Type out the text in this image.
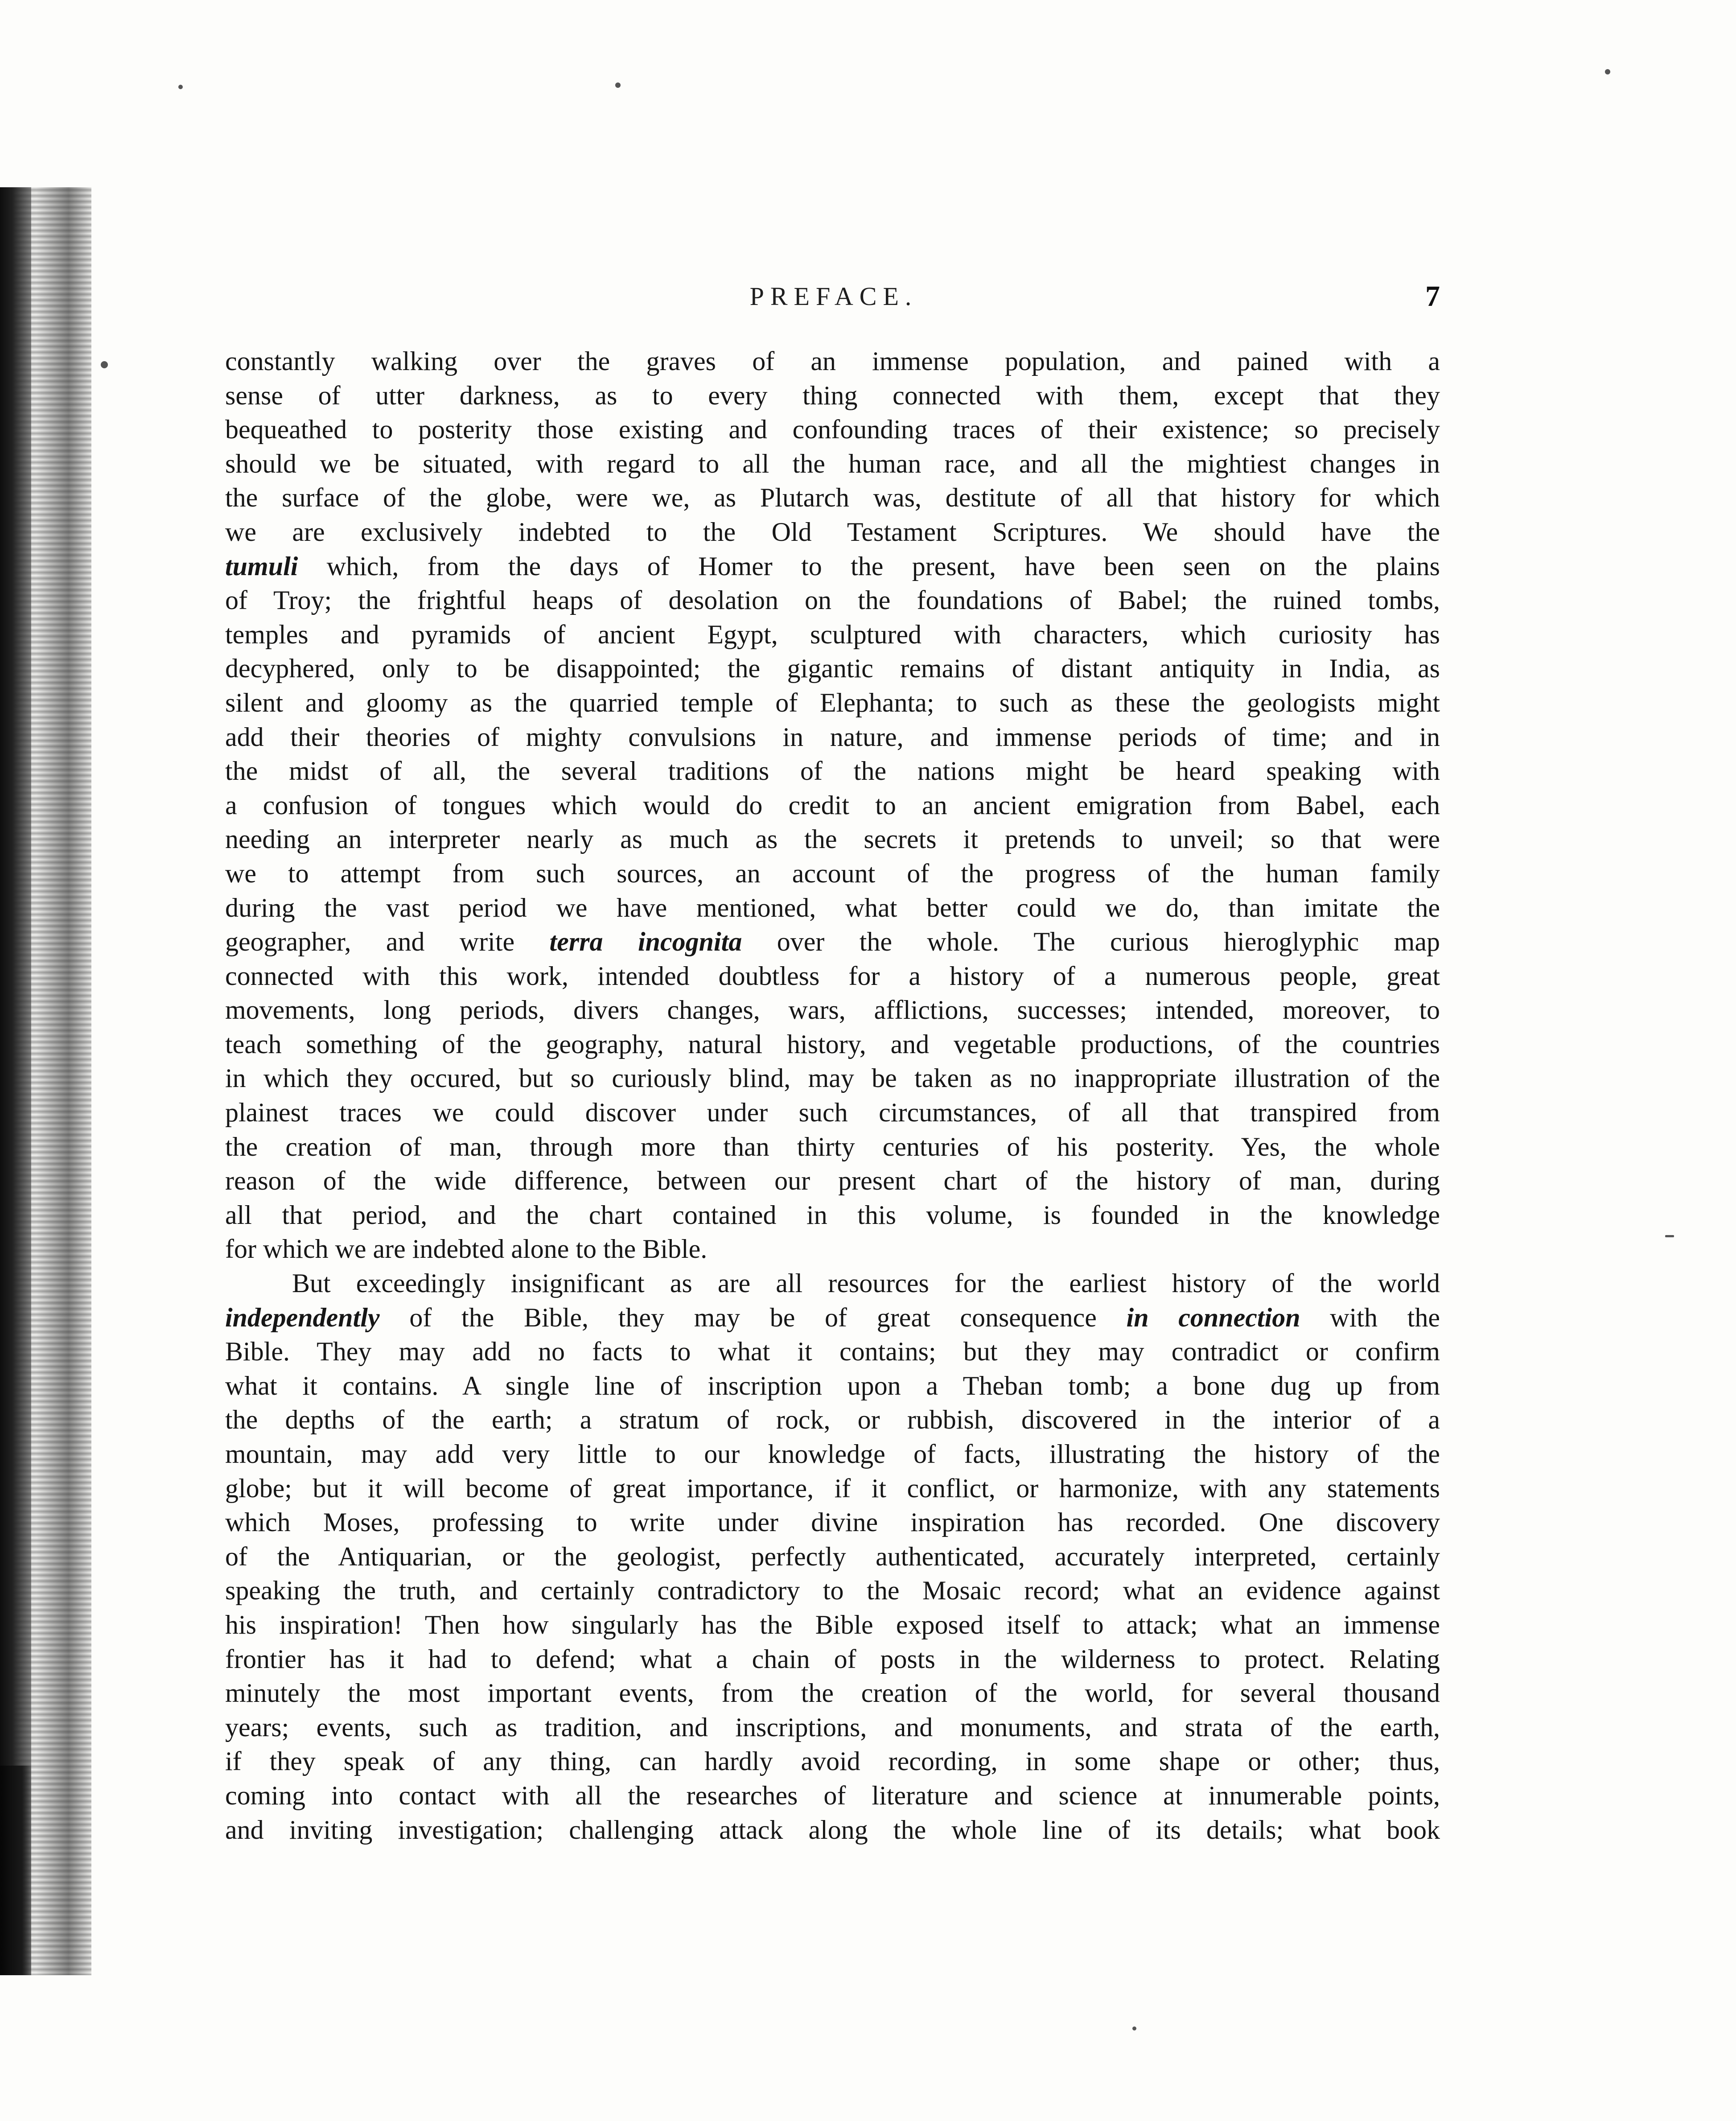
PREFACE.	7
constantly walking over the graves of an immense population, and pained with a
sense of utter darkness, as to every thing connected with them, except that they
bequeathed to posterity those existing and confounding traces of their existence; so precisely
should we be situated, with regard to all the human race, and all the mightiest changes in
the surface of the globe, were we, as Plutarch was, destitute of all that history for which
we are exclusively indebted to the Old Testament Scriptures. We should have the
tumuli which, from the days of Homer to the present, have been seen on the plains
of Troy; the frightful heaps of desolation on the foundations of Babel; the ruined tombs,
temples and pyramids of ancient Egypt, sculptured with characters, which curiosity has
decyphered, only to be disappointed; the gigantic remains of distant antiquity in India, as
silent and gloomy as the quarried temple of Elephanta; to such as these the geologists might
add their theories of mighty convulsions in nature, and immense periods of time; and in
the midst of all, the several traditions of the nations might be heard speaking with
a confusion of tongues which would do credit to an ancient emigration from Babel, each
needing an interpreter nearly as much as the secrets it pretends to unveil; so that were
we to attempt from such sources, an account of the progress of the human family
during the vast period we have mentioned, what better could we do, than imitate the
geographer, and write terra incognita over the whole. The curious hieroglyphic map
connected with this work, intended doubtless for a history of a numerous people, great
movements, long periods, divers changes, wars, afflictions, successes; intended, moreover, to
teach something of the geography, natural history, and vegetable productions, of the countries
in which they occured, but so curiously blind, may be taken as no inappropriate illustration of the
plainest traces we could discover under such circumstances, of all that transpired from
the creation of man, through more than thirty centuries of his posterity. Yes, the whole
reason of the wide difference, between our present chart of the history of man, during
all that period, and the chart contained in this volume, is founded in the knowledge
for which we are indebted alone to the Bible.
But exceedingly insignificant as are all resources for the earliest history of the world
independently of the Bible, they may be of great consequence in connection with the
Bible. They may add no facts to what it contains; but they may contradict or confirm
what it contains. A single line of inscription upon a Theban tomb; a bone dug up from
the depths of the earth; a stratum of rock, or rubbish, discovered in the interior of a
mountain, may add very little to our knowledge of facts, illustrating the history of the
globe; but it will become of great importance, if it conflict, or harmonize, with any statements
which Moses, professing to write under divine inspiration has recorded. One discovery
of the Antiquarian, or the geologist, perfectly authenticated, accurately interpreted, certainly
speaking the truth, and certainly contradictory to the Mosaic record; what an evidence against
his inspiration! Then how singularly has the Bible exposed itself to attack; what an immense
frontier has it had to defend; what a chain of posts in the wilderness to protect. Relating
minutely the most important events, from the creation of the world, for several thousand
years; events, such as tradition, and inscriptions, and monuments, and strata of the earth,
if they speak of any thing, can hardly avoid recording, in some shape or other; thus,
coming into contact with all the researches of literature and science at innumerable points,
and inviting investigation; challenging attack along the whole line of its details; what book
